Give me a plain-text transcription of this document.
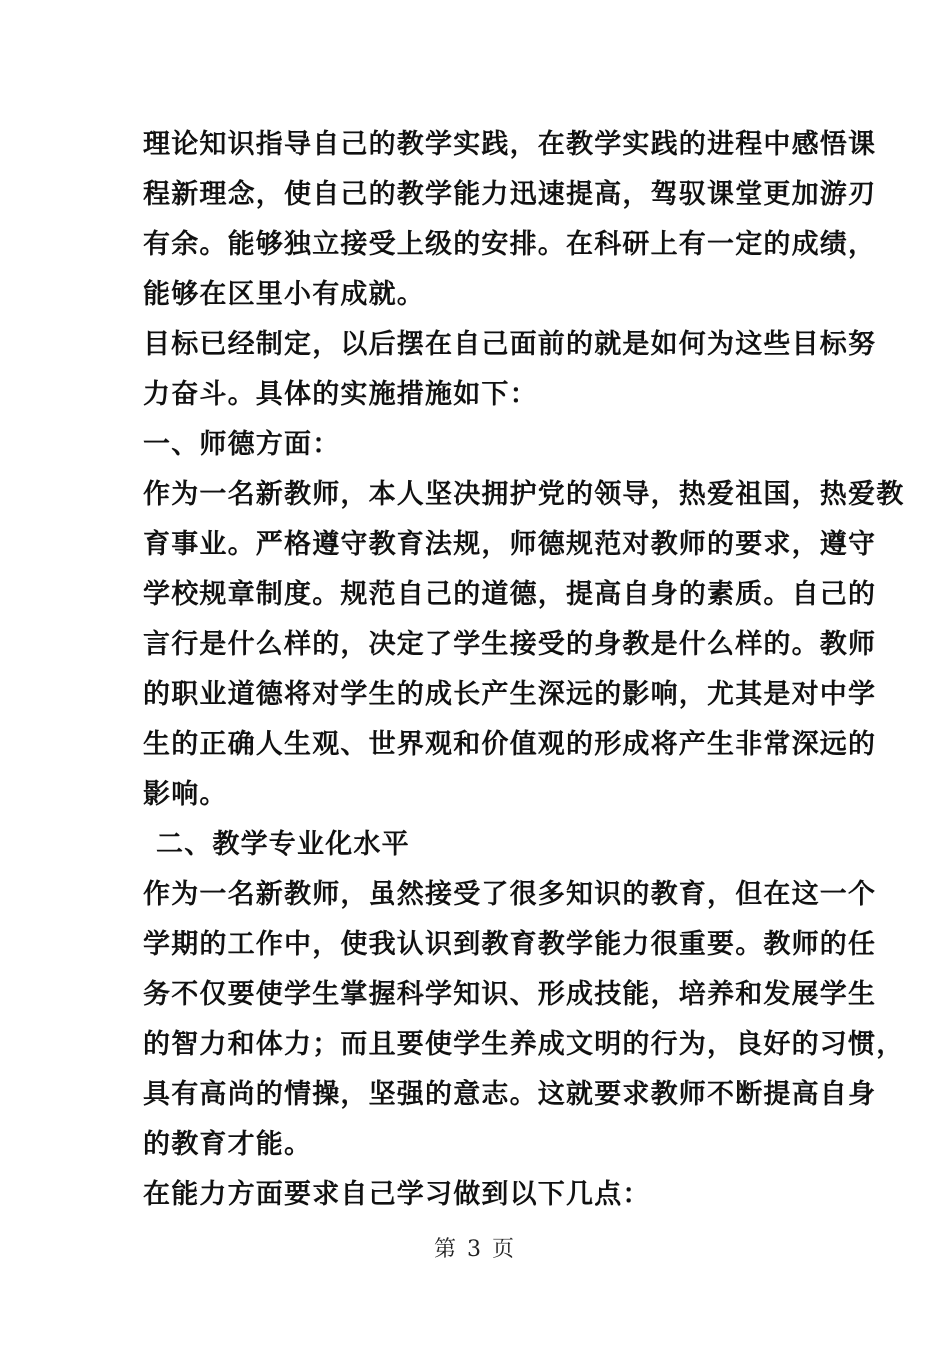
理论知识指导自己的教学实践，在教学实践的进程中感悟课
程新理念，使自己的教学能力迅速提高，驾驭课堂更加游刃
有余。能够独立接受上级的安排。在科研上有一定的成绩，
能够在区里小有成就。
目标已经制定，以后摆在自己面前的就是如何为这些目标努
力奋斗。具体的实施措施如下：
一、师德方面：
作为一名新教师，本人坚决拥护党的领导，热爱祖国，热爱教
育事业。严格遵守教育法规，师德规范对教师的要求，遵守
学校规章制度。规范自己的道德，提高自身的素质。自己的
言行是什么样的，决定了学生接受的身教是什么样的。教师
的职业道德将对学生的成长产生深远的影响，尤其是对中学
生的正确人生观、世界观和价值观的形成将产生非常深远的
影响。
二、教学专业化水平
作为一名新教师，虽然接受了很多知识的教育，但在这一个
学期的工作中，使我认识到教育教学能力很重要。教师的任
务不仅要使学生掌握科学知识、形成技能，培养和发展学生
的智力和体力；而且要使学生养成文明的行为，良好的习惯，
具有高尚的情操，坚强的意志。这就要求教师不断提高自身
的教育才能。
在能力方面要求自己学习做到以下几点：
第 3 页
